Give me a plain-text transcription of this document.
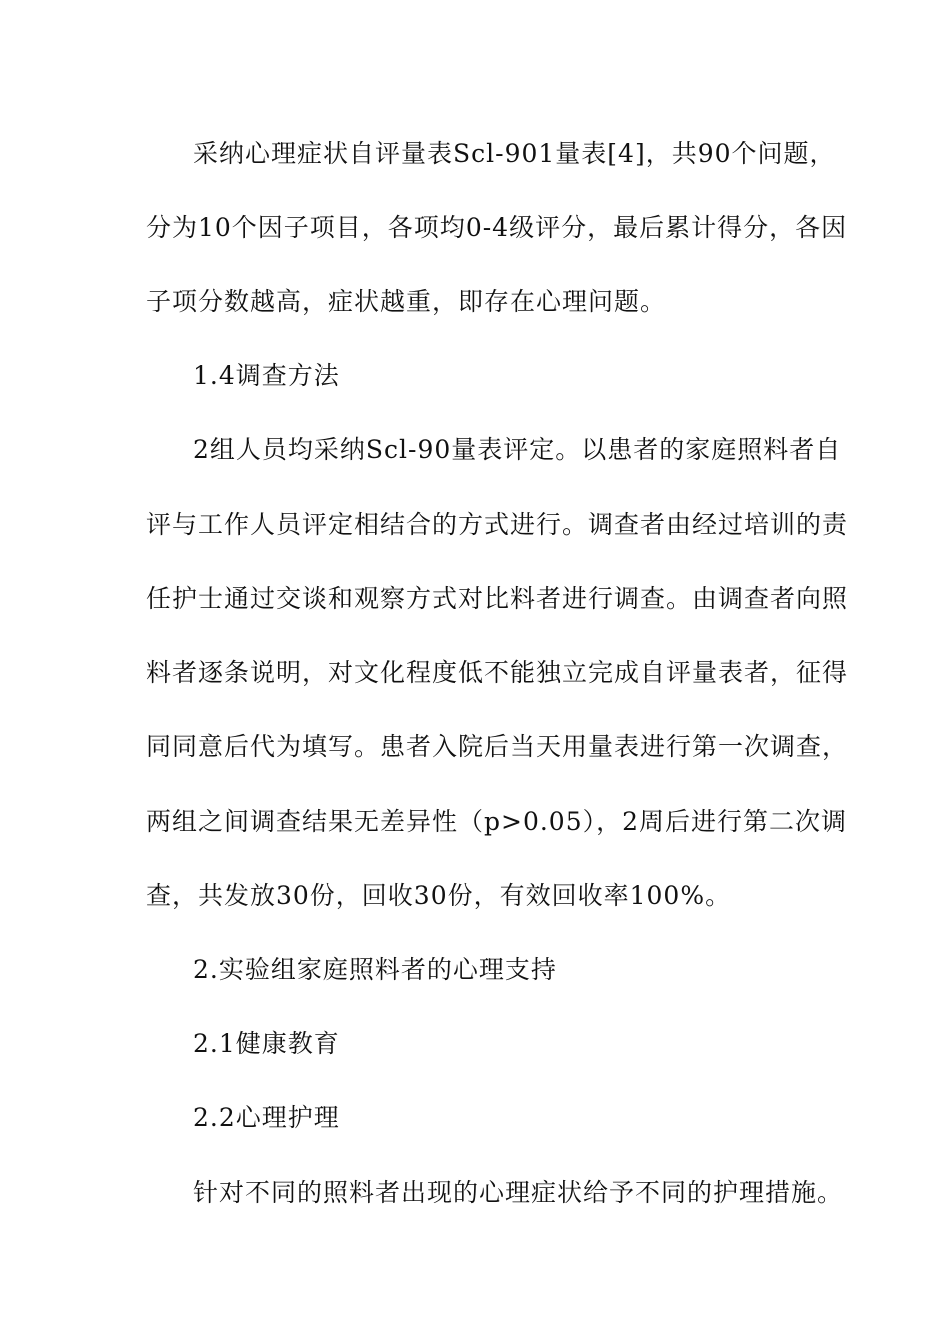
采纳心理症状自评量表Scl-901量表[4]，共90个问题，
分为10个因子项目，各项均0-4级评分，最后累计得分，各因
子项分数越高，症状越重，即存在心理问题。
1.4调查方法
2组人员均采纳Scl-90量表评定。以患者的家庭照料者自
评与工作人员评定相结合的方式进行。调查者由经过培训的责
任护士通过交谈和观察方式对比料者进行调查。由调查者向照
料者逐条说明，对文化程度低不能独立完成自评量表者，征得
同同意后代为填写。患者入院后当天用量表进行第一次调查，
两组之间调查结果无差异性（p>0.05），2周后进行第二次调
查，共发放30份，回收30份，有效回收率100%。
2.实验组家庭照料者的心理支持
2.1健康教育
2.2心理护理
针对不同的照料者出现的心理症状给予不同的护理措施。
